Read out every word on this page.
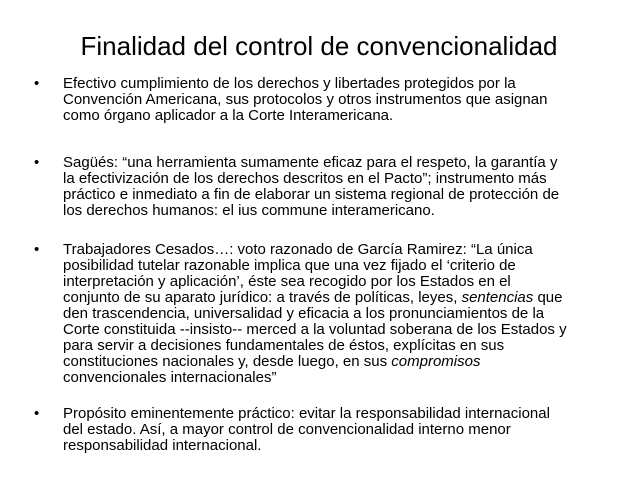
Finalidad del control de convencionalidad
• Efectivo cumplimiento de los derechos y libertades protegidos por la
Convención Americana, sus protocolos y otros instrumentos que asignan
como órgano aplicador a la Corte Interamericana.
• Sagüés: “una herramienta sumamente eficaz para el respeto, la garantía y
la efectivización de los derechos descritos en el Pacto”; instrumento más
práctico e inmediato a fin de elaborar un sistema regional de protección de
los derechos humanos: el ius commune interamericano.
• Trabajadores Cesados…: voto razonado de García Ramirez: “La única
posibilidad tutelar razonable implica que una vez fijado el ‘criterio de
interpretación y aplicación’, éste sea recogido por los Estados en el
conjunto de su aparato jurídico: a través de políticas, leyes, sentencias que
den trascendencia, universalidad y eficacia a los pronunciamientos de la
Corte constituida --insisto-- merced a la voluntad soberana de los Estados y
para servir a decisiones fundamentales de éstos, explícitas en sus
constituciones nacionales y, desde luego, en sus compromisos
convencionales internacionales”
• Propósito eminentemente práctico: evitar la responsabilidad internacional
del estado. Así, a mayor control de convencionalidad interno menor
responsabilidad internacional.
